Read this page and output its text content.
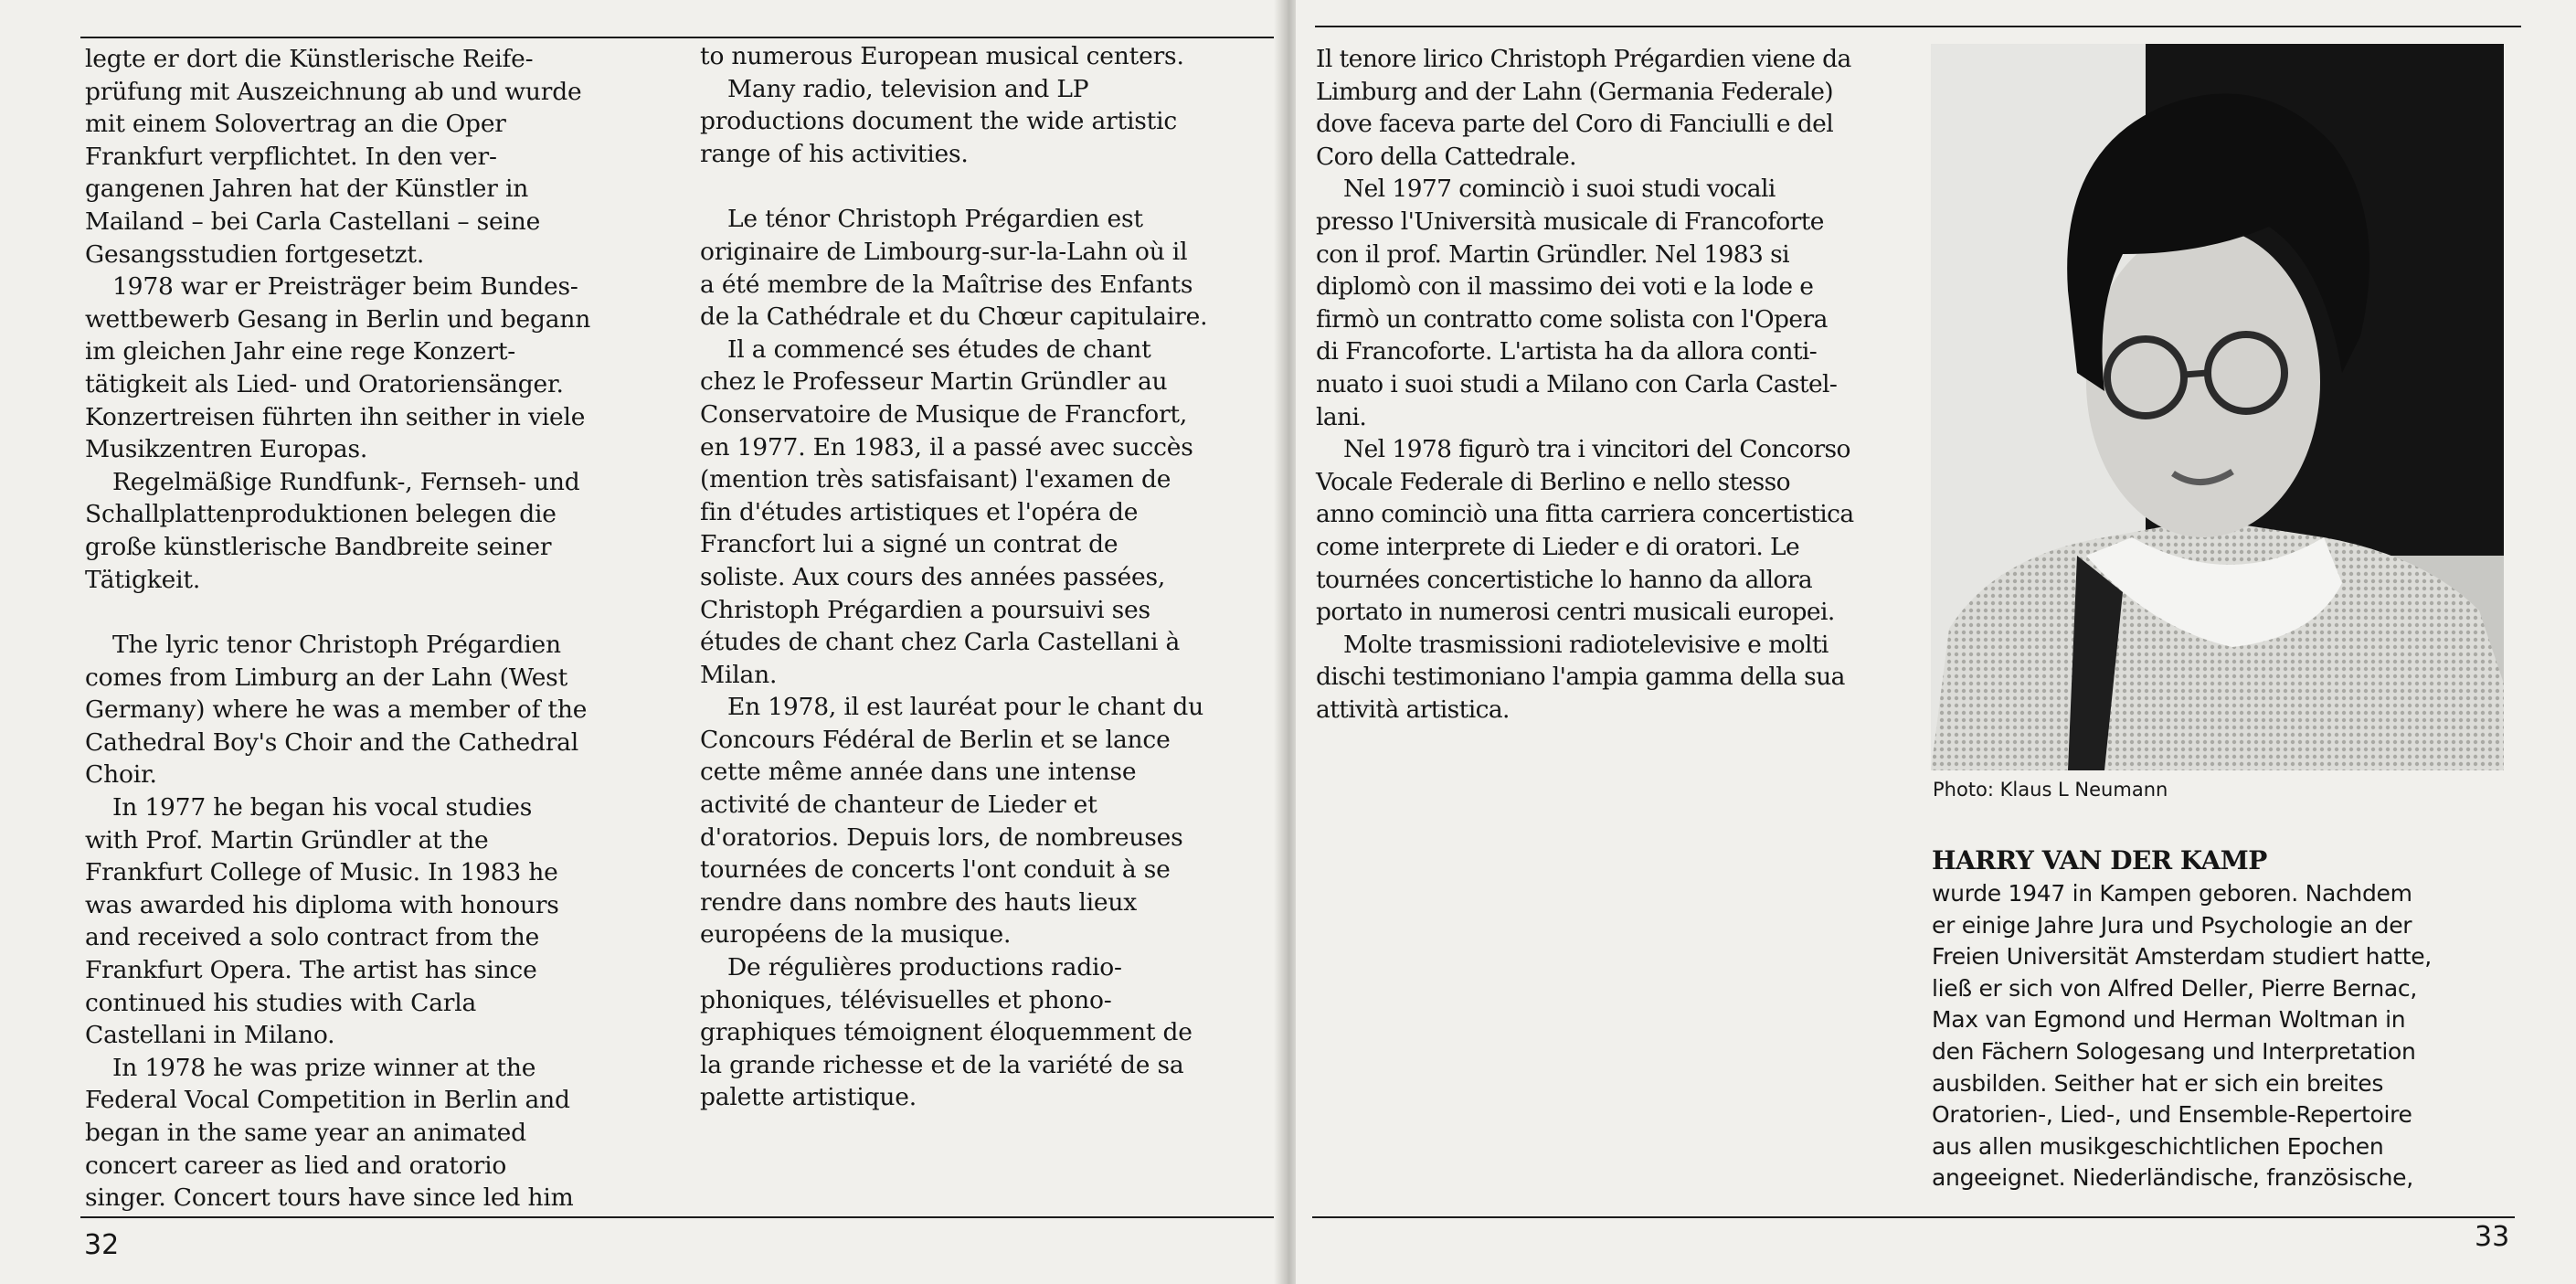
legte er dort die Künstlerische Reife-
prüfung mit Auszeichnung ab und wurde
mit einem Solovertrag an die Oper
Frankfurt verpflichtet. In den ver-
gangenen Jahren hat der Künstler in
Mailand – bei Carla Castellani – seine
Gesangsstudien fortgesetzt.
1978 war er Preisträger beim Bundes-
wettbewerb Gesang in Berlin und begann
im gleichen Jahr eine rege Konzert-
tätigkeit als Lied- und Oratoriensänger.
Konzertreisen führten ihn seither in viele
Musikzentren Europas.
Regelmäßige Rundfunk-, Fernseh- und
Schallplattenproduktionen belegen die
große künstlerische Bandbreite seiner
Tätigkeit.
The lyric tenor Christoph Prégardien
comes from Limburg an der Lahn (West
Germany) where he was a member of the
Cathedral Boy's Choir and the Cathedral
Choir.
In 1977 he began his vocal studies
with Prof. Martin Gründler at the
Frankfurt College of Music. In 1983 he
was awarded his diploma with honours
and received a solo contract from the
Frankfurt Opera. The artist has since
continued his studies with Carla
Castellani in Milano.
In 1978 he was prize winner at the
Federal Vocal Competition in Berlin and
began in the same year an animated
concert career as lied and oratorio
singer. Concert tours have since led him
to numerous European musical centers.
Many radio, television and LP
productions document the wide artistic
range of his activities.
Le ténor Christoph Prégardien est
originaire de Limbourg-sur-la-Lahn où il
a été membre de la Maîtrise des Enfants
de la Cathédrale et du Chœur capitulaire.
Il a commencé ses études de chant
chez le Professeur Martin Gründler au
Conservatoire de Musique de Francfort,
en 1977. En 1983, il a passé avec succès
(mention très satisfaisant) l'examen de
fin d'études artistiques et l'opéra de
Francfort lui a signé un contrat de
soliste. Aux cours des années passées,
Christoph Prégardien a poursuivi ses
études de chant chez Carla Castellani à
Milan.
En 1978, il est lauréat pour le chant du
Concours Fédéral de Berlin et se lance
cette même année dans une intense
activité de chanteur de Lieder et
d'oratorios. Depuis lors, de nombreuses
tournées de concerts l'ont conduit à se
rendre dans nombre des hauts lieux
européens de la musique.
De régulières productions radio-
phoniques, télévisuelles et phono-
graphiques témoignent éloquemment de
la grande richesse et de la variété de sa
palette artistique.
32
Il tenore lirico Christoph Prégardien viene da
Limburg and der Lahn (Germania Federale)
dove faceva parte del Coro di Fanciulli e del
Coro della Cattedrale.
Nel 1977 cominciò i suoi studi vocali
presso l'Università musicale di Francoforte
con il prof. Martin Gründler. Nel 1983 si
diplomò con il massimo dei voti e la lode e
firmò un contratto come solista con l'Opera
di Francoforte. L'artista ha da allora conti-
nuato i suoi studi a Milano con Carla Castel-
lani.
Nel 1978 figurò tra i vincitori del Concorso
Vocale Federale di Berlino e nello stesso
anno cominciò una fitta carriera concertistica
come interprete di Lieder e di oratori. Le
tournées concertistiche lo hanno da allora
portato in numerosi centri musicali europei.
Molte trasmissioni radiotelevisive e molti
dischi testimoniano l'ampia gamma della sua
attività artistica.
33
Photo: Klaus L Neumann
HARRY VAN DER KAMP
wurde 1947 in Kampen geboren. Nachdem
er einige Jahre Jura und Psychologie an der
Freien Universität Amsterdam studiert hatte,
ließ er sich von Alfred Deller, Pierre Bernac,
Max van Egmond und Herman Woltman in
den Fächern Sologesang und Interpretation
ausbilden. Seither hat er sich ein breites
Oratorien-, Lied-, und Ensemble-Repertoire
aus allen musikgeschichtlichen Epochen
angeeignet. Niederländische, französische,
